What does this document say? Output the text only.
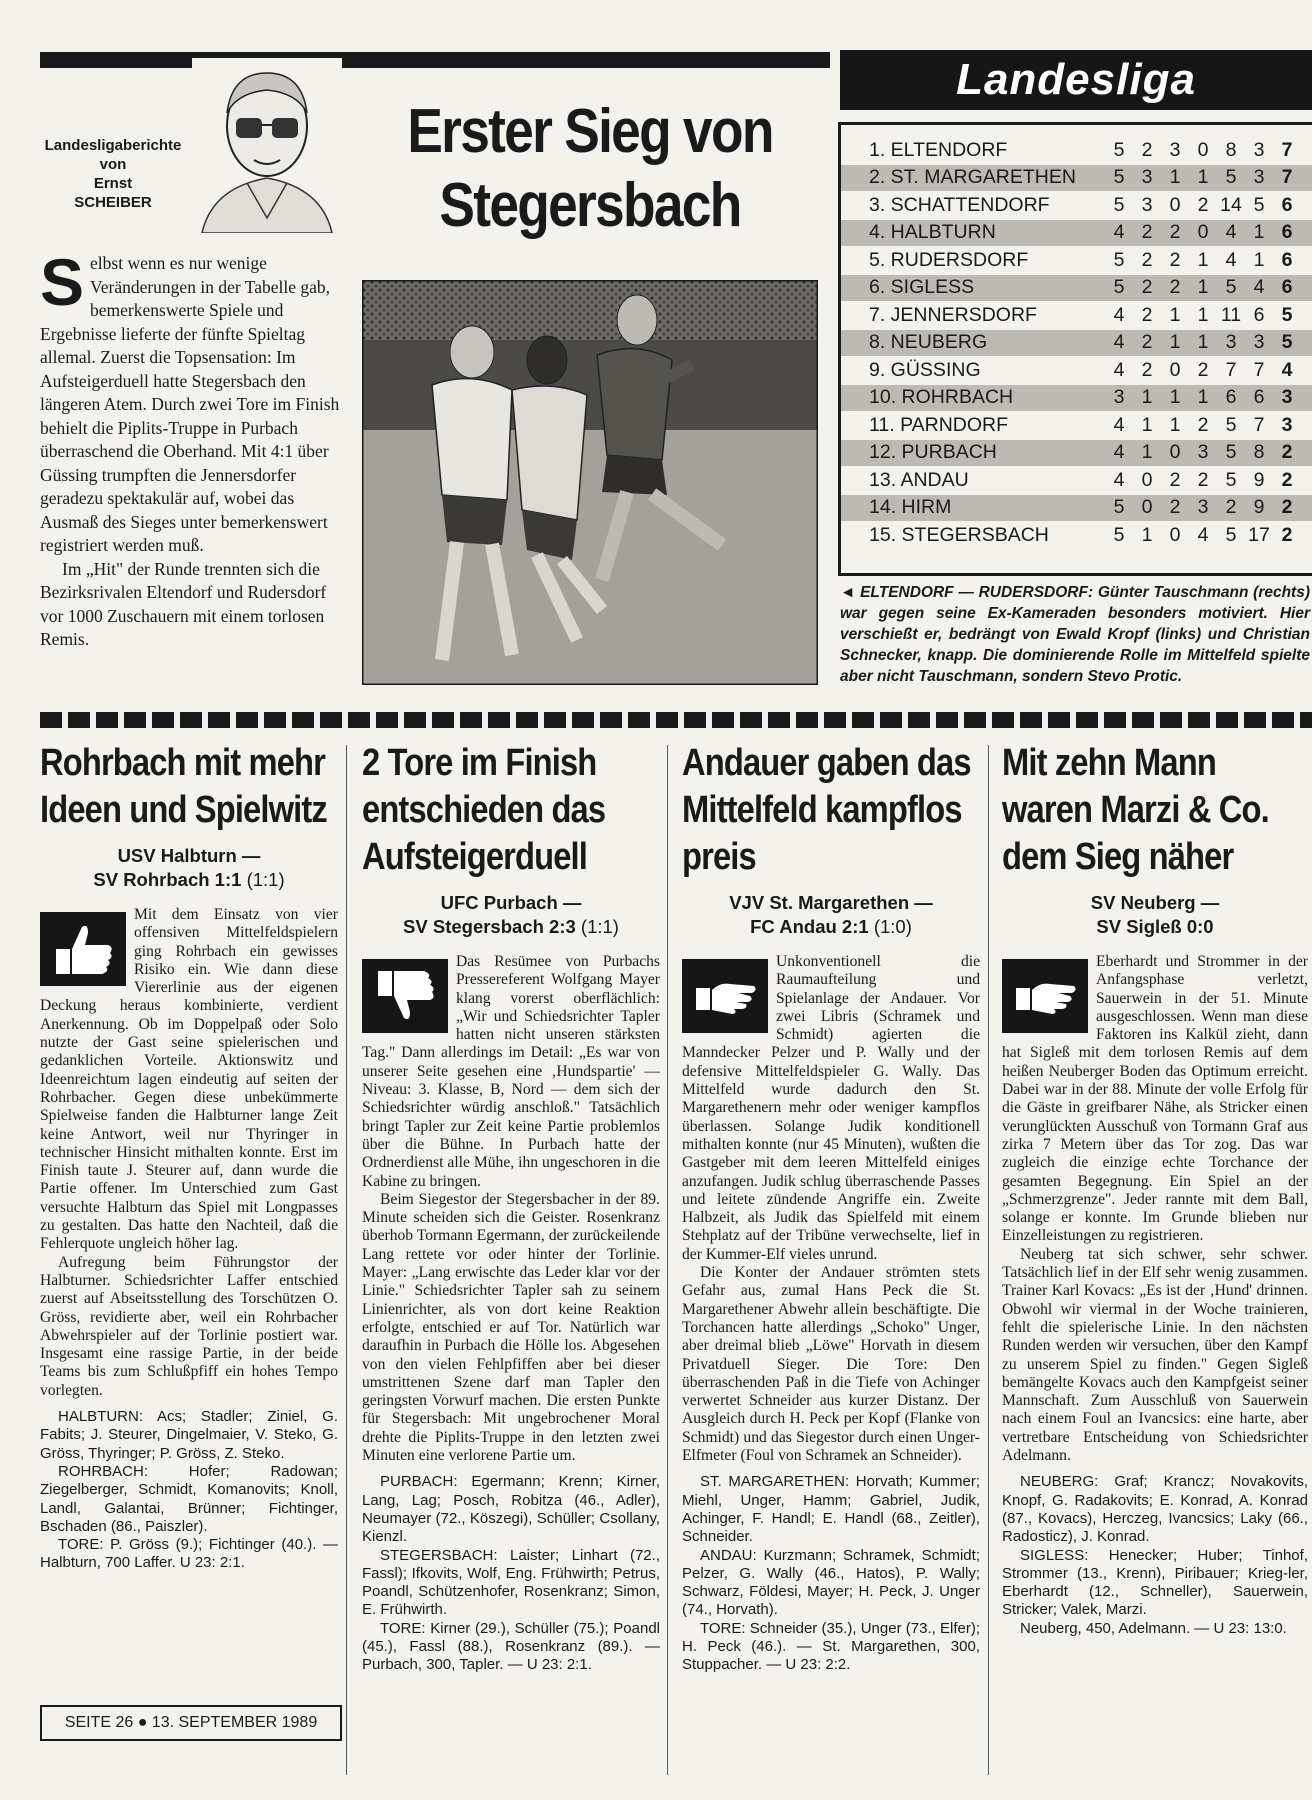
Landesligaberichte
von
Ernst
SCHEIBER
Erster Sieg von Stegersbach

Selbst wenn es nur wenige Veränderungen in der Tabelle gab, bemerkenswerte Spiele und Ergebnisse lieferte der fünfte Spieltag allemal. Zuerst die Topsensation: Im Aufsteigerduell hatte Stegersbach den längeren Atem. Durch zwei Tore im Finish behielt die Piplits-Truppe in Purbach überraschend die Oberhand. Mit 4:1 über Güssing trumpften die Jennersdorfer geradezu spektakulär auf, wobei das Ausmaß des Sieges unter bemerkenswert registriert werden muß.

Im „Hit" der Runde trennten sich die Bezirksrivalen Eltendorf und Rudersdorf vor 1000 Zuschauern mit einem torlosen Remis.

Landesliga
1. ELTENDORF	5 2 3 0 8 3 7
2. ST. MARGARETHEN	5 3 1 1 5 3 7
3. SCHATTENDORF	5 3 0 2 14 5 6
4. HALBTURN	4 2 2 0 4 1 6
5. RUDERSDORF	5 2 2 1 4 1 6
6. SIGLESS	5 2 2 1 5 4 6
7. JENNERSDORF	4 2 1 1 11 6 5
8. NEUBERG	4 2 1 1 3 3 5
9. GÜSSING	4 2 0 2 7 7 4
10. ROHRBACH	3 1 1 1 6 6 3
11. PARNDORF	4 1 1 2 5 7 3
12. PURBACH	4 1 0 3 5 8 2
13. ANDAU	4 0 2 2 5 9 2
14. HIRM	5 0 2 3 2 9 2
15. STEGERSBACH	5 1 0 4 5 17 2
◄ ELTENDORF — RUDERSDORF: Günter Tauschmann (rechts) war gegen seine Ex-Kameraden besonders motiviert. Hier verschießt er, bedrängt von Ewald Kropf (links) und Christian Schnecker, knapp. Die dominierende Rolle im Mittelfeld spielte aber nicht Tauschmann, sondern Stevo Protic.
Rohrbach mit mehr Ideen und Spielwitz
USV Halbturn —
SV Rohrbach 1:1 (1:1)

Mit dem Einsatz von vier offensiven Mittelfeldspielern ging Rohrbach ein gewisses Risiko ein. Wie dann diese Viererlinie aus der eigenen Deckung heraus kombinierte, verdient Anerkennung. Ob im Doppelpaß oder Solo nutzte der Gast seine spielerischen und gedanklichen Vorteile. Aktionswitz und Ideenreichtum lagen eindeutig auf seiten der Rohrbacher. Gegen diese unbekümmerte Spielweise fanden die Halbturner lange Zeit keine Antwort, weil nur Thyringer in technischer Hinsicht mithalten konnte. Erst im Finish taute J. Steurer auf, dann wurde die Partie offener. Im Unterschied zum Gast versuchte Halbturn das Spiel mit Longpasses zu gestalten. Das hatte den Nachteil, daß die Fehlerquote ungleich höher lag.

Aufregung beim Führungstor der Halbturner. Schiedsrichter Laffer entschied zuerst auf Abseitsstellung des Torschützen O. Gröss, revidierte aber, weil ein Rohrbacher Abwehrspieler auf der Torlinie postiert war. Insgesamt eine rassige Partie, in der beide Teams bis zum Schlußpfiff ein hohes Tempo vorlegten.

HALBTURN: Acs; Stadler; Ziniel, G. Fabits; J. Steurer, Dingelmaier, V. Steko, G. Gröss, Thyringer; P. Gröss, Z. Steko.

ROHRBACH: Hofer; Radowan; Ziegelberger, Schmidt, Komanovits; Knoll, Landl, Galantai, Brünner; Fichtinger, Bschaden (86., Paiszler).

TORE: P. Gröss (9.); Fichtinger (40.). — Halbturn, 700 Laffer. U 23: 2:1.

2 Tore im Finish entschieden das Aufsteigerduell
UFC Purbach —
SV Stegersbach 2:3 (1:1)

Das Resümee von Purbachs Pressereferent Wolfgang Mayer klang vorerst oberflächlich: „Wir und Schiedsrichter Tapler hatten nicht unseren stärksten Tag." Dann allerdings im Detail: „Es war von unserer Seite gesehen eine ‚Hundspartie' — Niveau: 3. Klasse, B, Nord — dem sich der Schiedsrichter würdig anschloß." Tatsächlich bringt Tapler zur Zeit keine Partie problemlos über die Bühne. In Purbach hatte der Ordnerdienst alle Mühe, ihn ungeschoren in die Kabine zu bringen.

Beim Siegestor der Stegersbacher in der 89. Minute scheiden sich die Geister. Rosenkranz überhob Tormann Egermann, der zurückeilende Lang rettete vor oder hinter der Torlinie. Mayer: „Lang erwischte das Leder klar vor der Linie." Schiedsrichter Tapler sah zu seinem Linienrichter, als von dort keine Reaktion erfolgte, entschied er auf Tor. Natürlich war daraufhin in Purbach die Hölle los. Abgesehen von den vielen Fehlpfiffen aber bei dieser umstrittenen Szene darf man Tapler den geringsten Vorwurf machen. Die ersten Punkte für Stegersbach: Mit ungebrochener Moral drehte die Piplits-Truppe in den letzten zwei Minuten eine verlorene Partie um.

PURBACH: Egermann; Krenn; Kirner, Lang, Lag; Posch, Robitza (46., Adler), Neumayer (72., Köszegi), Schüller; Csollany, Kienzl.

STEGERSBACH: Laister; Linhart (72., Fassl); Ifkovits, Wolf, Eng. Frühwirth; Petrus, Poandl, Schützenhofer, Rosenkranz; Simon, E. Frühwirth.

TORE: Kirner (29.), Schüller (75.); Poandl (45.), Fassl (88.), Rosenkranz (89.). — Purbach, 300, Tapler. — U 23: 2:1.

Andauer gaben das Mittelfeld kampflos preis
VJV St. Margarethen —
FC Andau 2:1 (1:0)

Unkonventionell die Raumaufteilung und Spielanlage der Andauer. Vor zwei Libris (Schramek und Schmidt) agierten die Manndecker Pelzer und P. Wally und der defensive Mittelfeldspieler G. Wally. Das Mittelfeld wurde dadurch den St. Margarethenern mehr oder weniger kampflos überlassen. Solange Judik konditionell mithalten konnte (nur 45 Minuten), wußten die Gastgeber mit dem leeren Mittelfeld einiges anzufangen. Judik schlug überraschende Passes und leitete zündende Angriffe ein. Zweite Halbzeit, als Judik das Spielfeld mit einem Stehplatz auf der Tribüne verwechselte, lief in der Kummer-Elf vieles unrund.

Die Konter der Andauer strömten stets Gefahr aus, zumal Hans Peck die St. Margarethener Abwehr allein beschäftigte. Die Torchancen hatte allerdings „Schoko" Unger, aber dreimal blieb „Löwe" Horvath in diesem Privatduell Sieger. Die Tore: Den überraschenden Paß in die Tiefe von Achinger verwertet Schneider aus kurzer Distanz. Der Ausgleich durch H. Peck per Kopf (Flanke von Schmidt) und das Siegestor durch einen Unger-Elfmeter (Foul von Schramek an Schneider).

ST. MARGARETHEN: Horvath; Kummer; Miehl, Unger, Hamm; Gabriel, Judik, Achinger, F. Handl; E. Handl (68., Zeitler), Schneider.

ANDAU: Kurzmann; Schramek, Schmidt; Pelzer, G. Wally (46., Hatos), P. Wally; Schwarz, Földesi, Mayer; H. Peck, J. Unger (74., Horvath).

TORE: Schneider (35.), Unger (73., Elfer); H. Peck (46.). — St. Margarethen, 300, Stuppacher. — U 23: 2:2.

Mit zehn Mann waren Marzi & Co. dem Sieg näher
SV Neuberg —
SV Sigleß 0:0

Eberhardt und Strommer in der Anfangsphase verletzt, Sauerwein in der 51. Minute ausgeschlossen. Wenn man diese Faktoren ins Kalkül zieht, dann hat Sigleß mit dem torlosen Remis auf dem heißen Neuberger Boden das Optimum erreicht. Dabei war in der 88. Minute der volle Erfolg für die Gäste in greifbarer Nähe, als Stricker einen verunglückten Ausschuß von Tormann Graf aus zirka 7 Metern über das Tor zog. Das war zugleich die einzige echte Torchance der gesamten Begegnung. Ein Spiel an der „Schmerzgrenze". Jeder rannte mit dem Ball, solange er konnte. Im Grunde blieben nur Einzelleistungen zu registrieren.

Neuberg tat sich schwer, sehr schwer. Tatsächlich lief in der Elf sehr wenig zusammen. Trainer Karl Kovacs: „Es ist der ‚Hund' drinnen. Obwohl wir viermal in der Woche trainieren, fehlt die spielerische Linie. In den nächsten Runden werden wir versuchen, über den Kampf zu unserem Spiel zu finden." Gegen Sigleß bemängelte Kovacs auch den Kampfgeist seiner Mannschaft. Zum Ausschluß von Sauerwein nach einem Foul an Ivancsics: eine harte, aber vertretbare Entscheidung von Schiedsrichter Adelmann.

NEUBERG: Graf; Krancz; Novakovits, Knopf, G. Radakovits; E. Konrad, A. Konrad (87., Kovacs), Herczeg, Ivancsics; Laky (66., Radosticz), J. Konrad.

SIGLESS: Henecker; Huber; Tinhof, Strommer (13., Krenn), Piribauer; Krieg-ler, Eberhardt (12., Schneller), Sauerwein, Stricker; Valek, Marzi.

Neuberg, 450, Adelmann. — U 23: 13:0.

SEITE 26 ● 13. SEPTEMBER 1989
